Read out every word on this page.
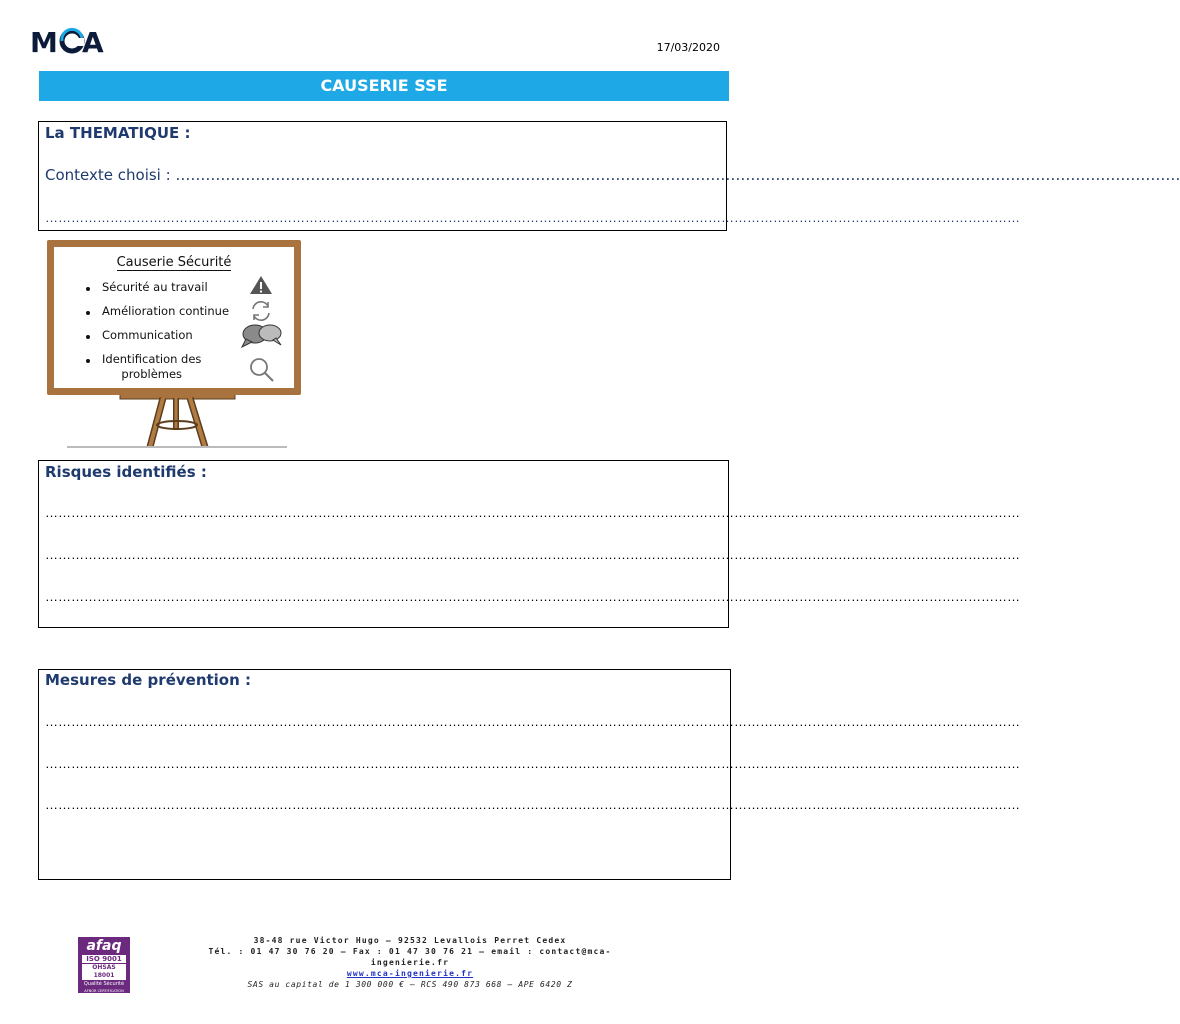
M A	17/03/2020
CAUSERIE SSE
La THEMATIQUE :
Contexte choisi : …………………………………………………………………………………………………………………………………………………………………………………
………………………………………………………………………………………………………………………………………………………………………………………………………
Causerie Sécurité
Sécurité au travail
Amélioration continue
Communication
Identification des
problèmes
Risques identifiés :
………………………………………………………………………………………………………………………………………………………………………………………………………
………………………………………………………………………………………………………………………………………………………………………………………………………
………………………………………………………………………………………………………………………………………………………………………………………………………
Mesures de prévention :
………………………………………………………………………………………………………………………………………………………………………………………………………
………………………………………………………………………………………………………………………………………………………………………………………………………
………………………………………………………………………………………………………………………………………………………………………………………………………
afaq
ISO 9001
OHSAS 18001
Qualité Sécurité
AFNOR CERTIFICATION
38-48 rue Victor Hugo – 92532 Levallois Perret Cedex
Tél. : 01 47 30 76 20 – Fax : 01 47 30 76 21 – email : contact@mca-ingenierie.fr
www.mca-ingenierie.fr
SAS au capital de 1 300 000 € – RCS 490 873 668 – APE 6420 Z
